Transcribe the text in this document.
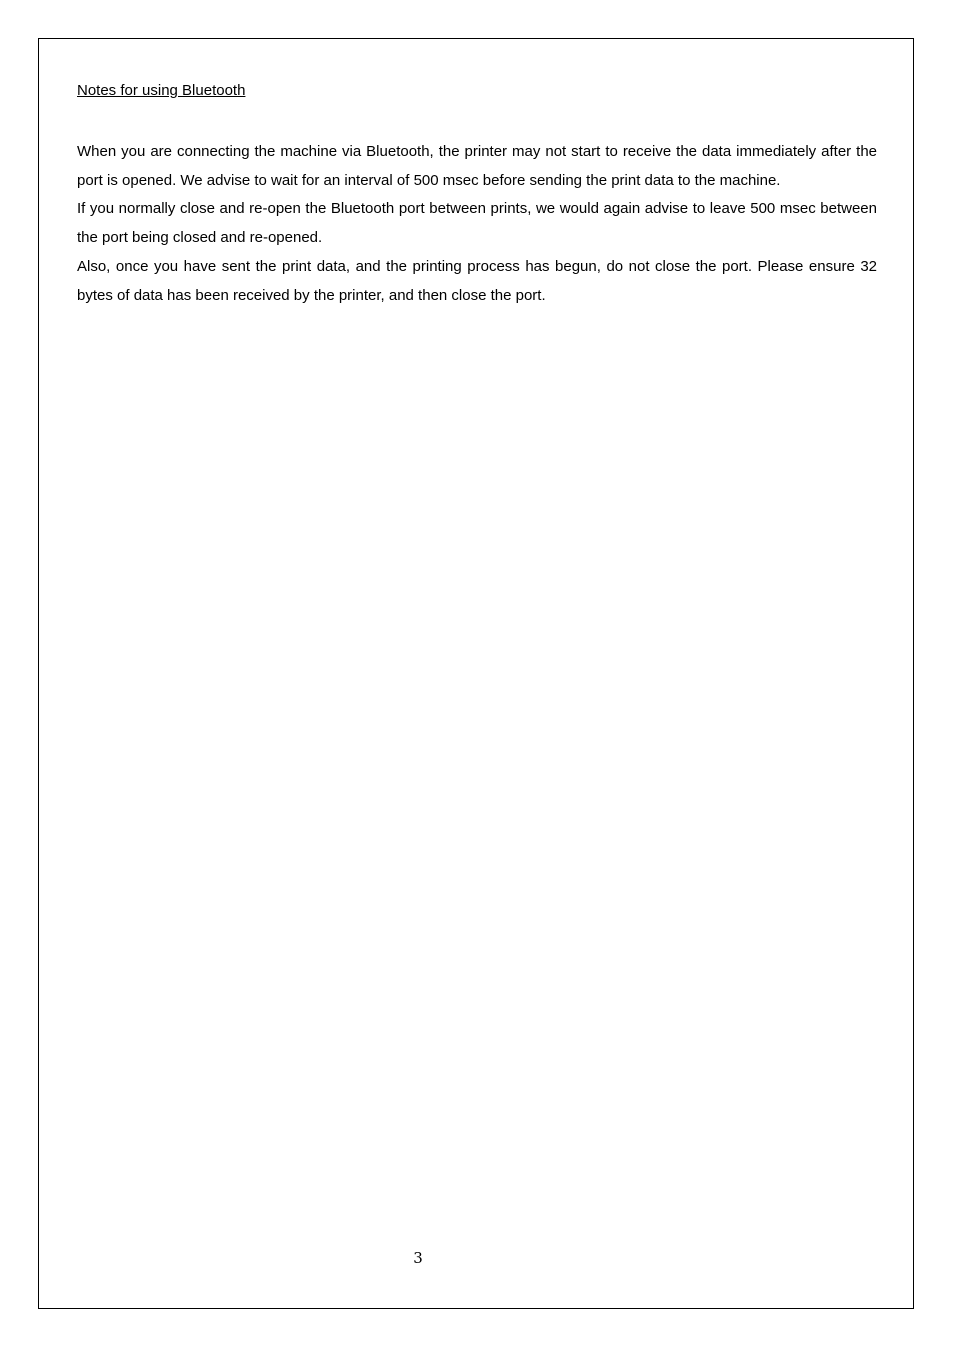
Notes for using Bluetooth

When you are connecting the machine via Bluetooth, the printer may not start to receive the data immediately after the port is opened. We advise to wait for an interval of 500 msec before sending the print data to the machine.

If you normally close and re-open the Bluetooth port between prints, we would again advise to leave 500 msec between the port being closed and re-opened.

Also, once you have sent the print data, and the printing process has begun, do not close the port. Please ensure 32 bytes of data has been received by the printer, and then close the port.

3
